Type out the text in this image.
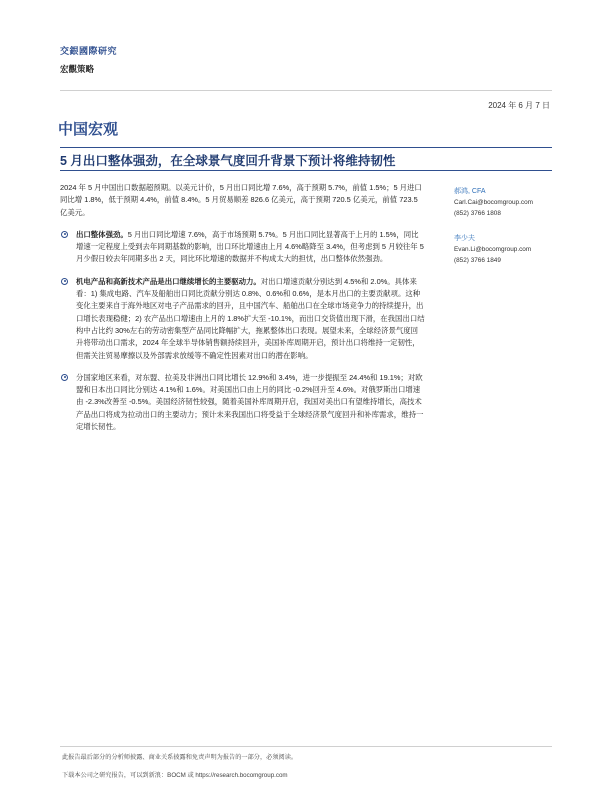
交銀國際研究
宏觀策略
2024 年 6 月 7 日
中国宏观
5 月出口整体强劲，在全球景气度回升背景下预计将维持韧性

2024 年 5 月中国出口数据超预期。以美元计价，5 月出口同比增 7.6%，高于预期 5.7%，前值 1.5%；5 月进口同比增 1.8%，低于预期 4.4%，前值 8.4%。5 月贸易顺差 826.6 亿美元，高于预期 720.5 亿美元，前值 723.5 亿美元。

出口整体强劲。5 月出口同比增速 7.6%，高于市场预期 5.7%。5 月出口同比显著高于上月的 1.5%，同比增速一定程度上受到去年同期基数的影响，出口环比增速由上月 4.6%略降至 3.4%，但考虑到 5 月较往年 5 月少假日较去年同期多出 2 天，同比环比增速的数据并不构成太大的担忧，出口整体依然强劲。
机电产品和高新技术产品是出口继续增长的主要驱动力。对出口增速贡献分别达到 4.5%和 2.0%。具体来看：1) 集成电路、汽车及船舶出口同比贡献分别达 0.8%、0.6%和 0.6%，是本月出口的主要贡献项。这种变化主要来自于海外地区对电子产品需求的回升，且中国汽车、船舶出口在全球市场竞争力的持续提升，出口增长表现稳健；2) 农产品出口增速由上月的 1.8%扩大至 -10.1%，而出口交货值出现下滑，在我国出口结构中占比约 30%左右的劳动密集型产品同比降幅扩大，拖累整体出口表现。展望未来，全球经济景气度回升将带动出口需求，2024 年全球半导体销售额持续回升，美国补库周期开启，预计出口将维持一定韧性，但需关注贸易摩擦以及外部需求放缓等不确定性因素对出口的潜在影响。
分国家地区来看，对东盟、拉美及非洲出口同比增长 12.9%和 3.4%，进一步提振至 24.4%和 19.1%；对欧盟和日本出口同比分别达 4.1%和 1.6%。对美国出口由上月的同比 -0.2%回升至 4.6%。对俄罗斯出口增速由 -2.3%改善至 -0.5%。美国经济韧性较强，随着美国补库周期开启，我国对美出口有望维持增长，高技术产品出口将成为拉动出口的主要动力；预计未来我国出口将受益于全球经济景气度回升和补库需求，维持一定增长韧性。
郝鸿, CFA
Carl.Cai@bocomgroup.com
(852) 3766 1808
李少夫
Evan.Li@bocomgroup.com
(852) 3766 1849
此报告最后部分的分析师披露、商业关系披露和免责声明为报告的一部分，必须阅读。
下载本公司之研究报告，可以到新浪：BOCM 或 https://research.bocomgroup.com
